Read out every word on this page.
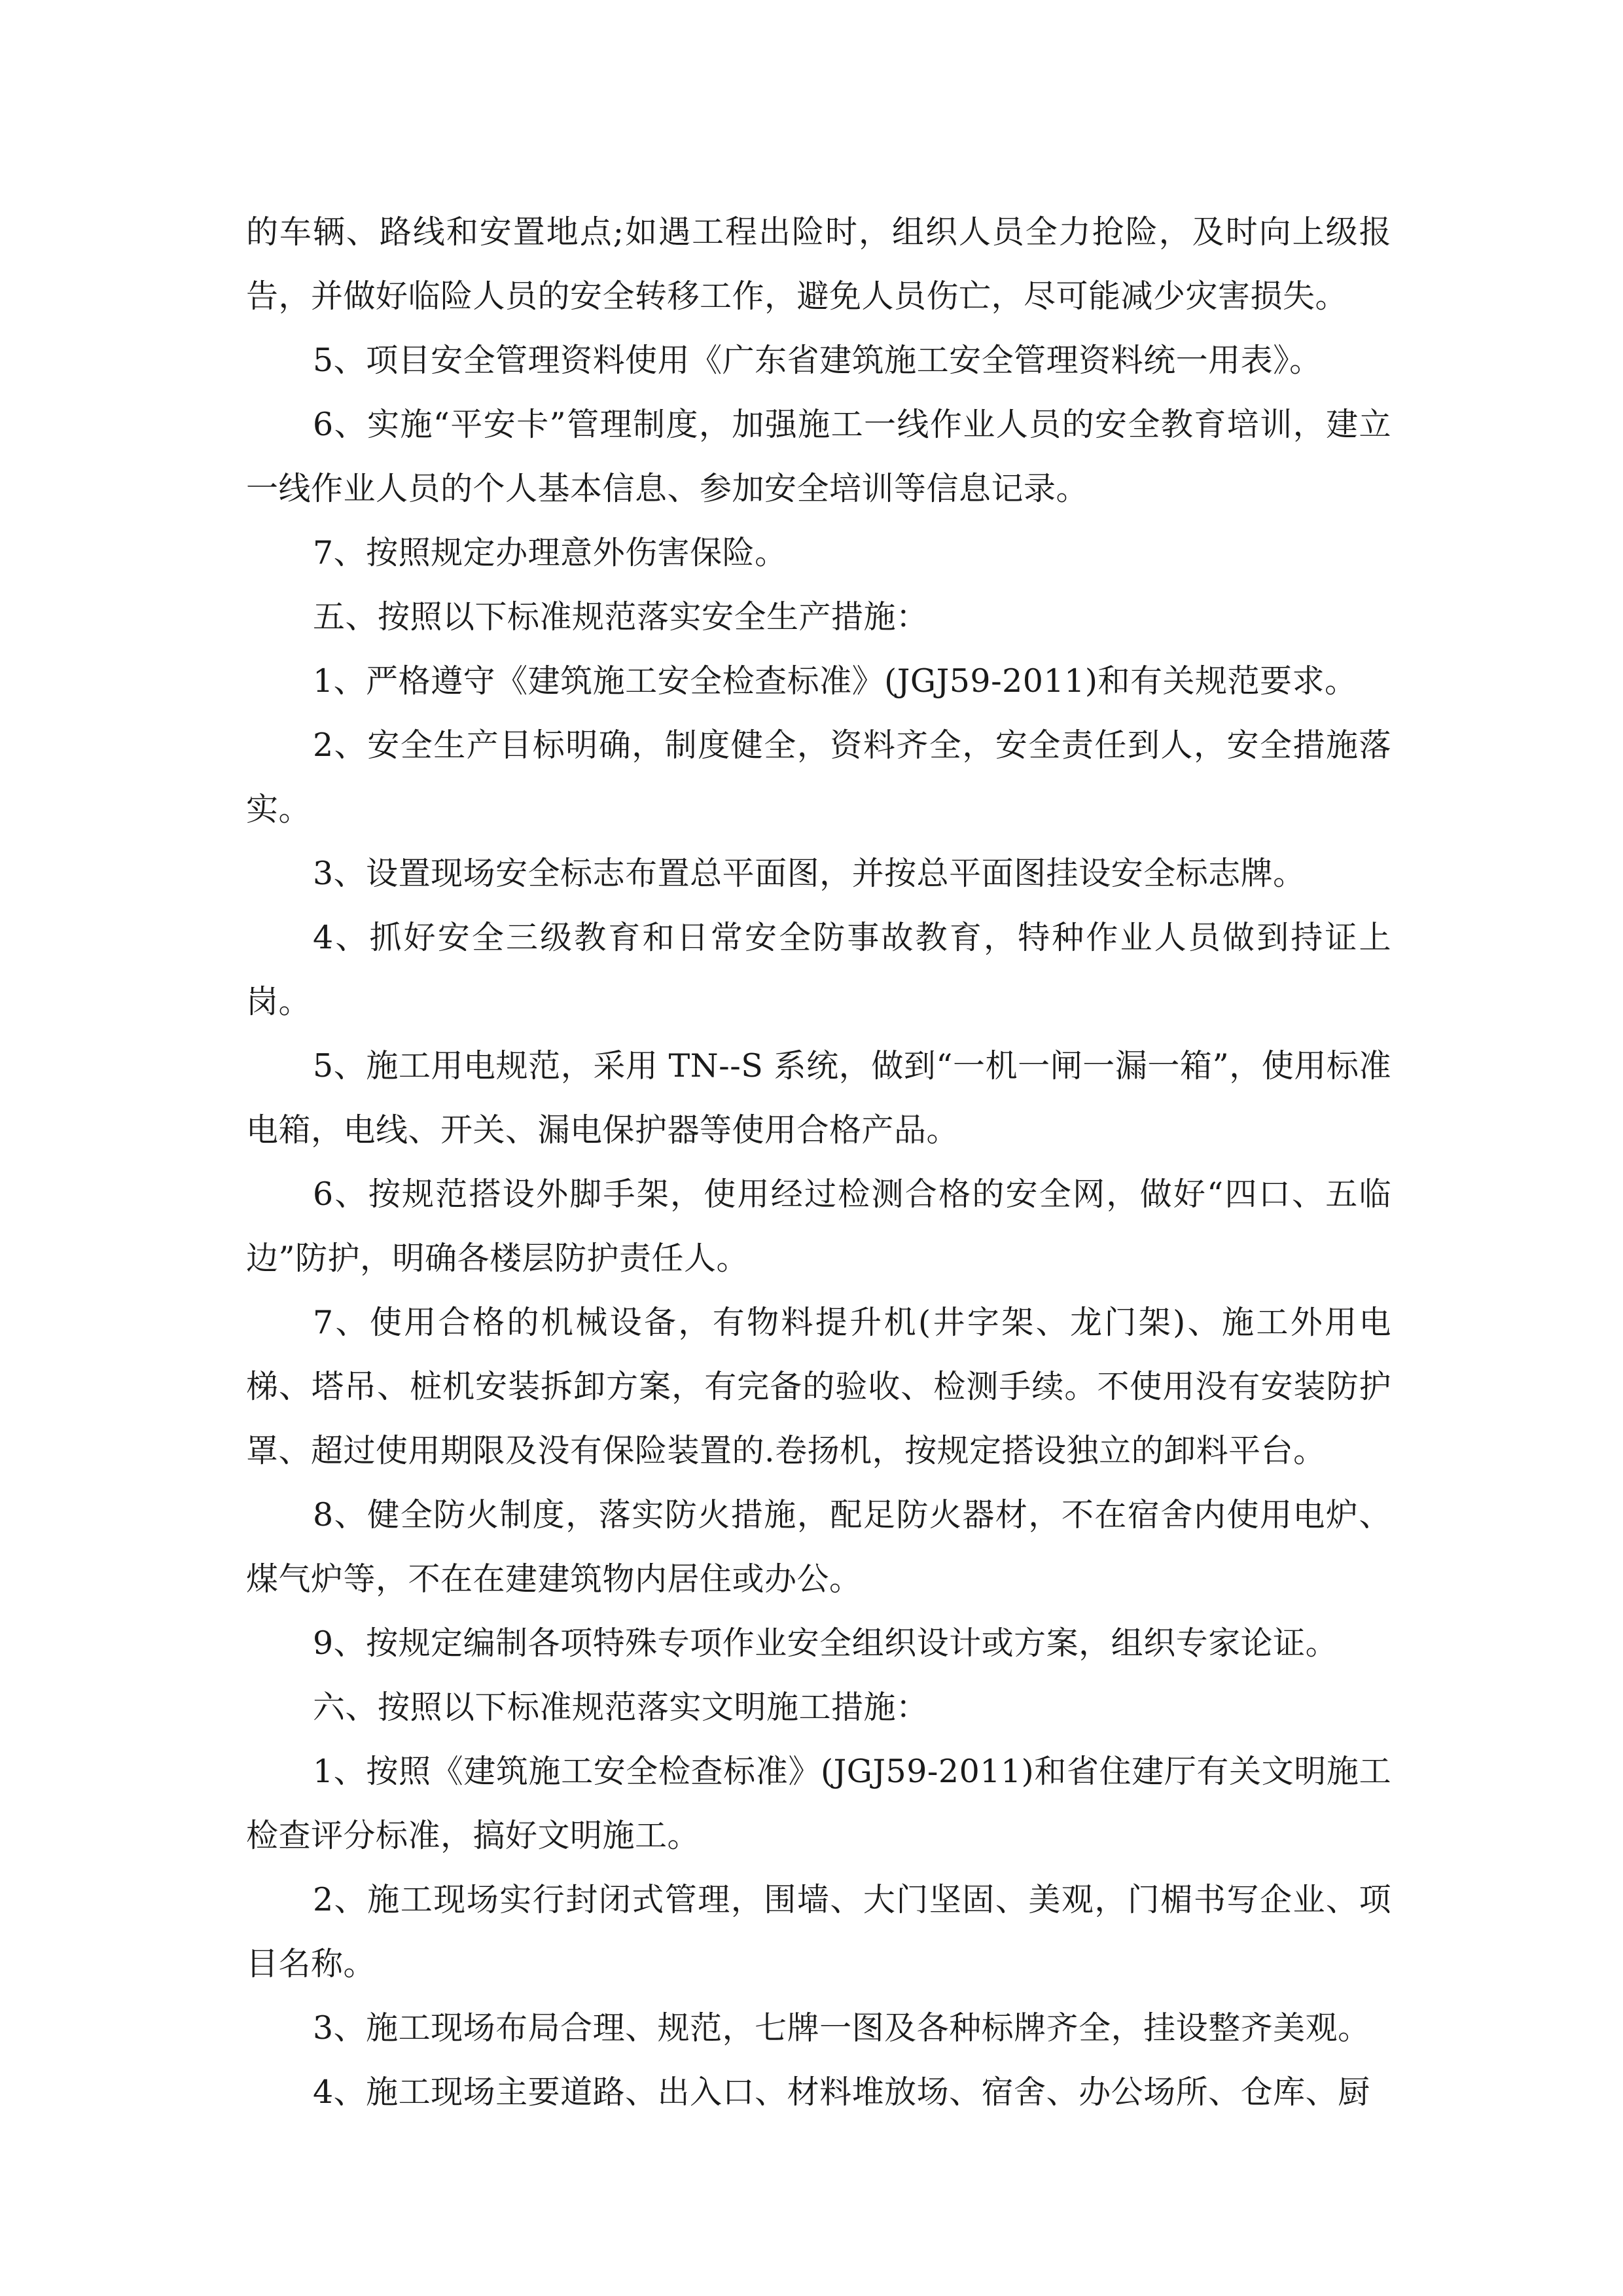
的车辆、路线和安置地点;如遇工程出险时，组织人员全力抢险，及时向上级报告，并做好临险人员的安全转移工作，避免人员伤亡，尽可能减少灾害损失。

5、项目安全管理资料使用《广东省建筑施工安全管理资料统一用表》。

6、实施“平安卡”管理制度，加强施工一线作业人员的安全教育培训，建立一线作业人员的个人基本信息、参加安全培训等信息记录。

7、按照规定办理意外伤害保险。

五、按照以下标准规范落实安全生产措施：

1、严格遵守《建筑施工安全检查标准》(JGJ59-2011)和有关规范要求。

2、安全生产目标明确，制度健全，资料齐全，安全责任到人，安全措施落实。

3、设置现场安全标志布置总平面图，并按总平面图挂设安全标志牌。

4、抓好安全三级教育和日常安全防事故教育，特种作业人员做到持证上岗。

5、施工用电规范，采用 TN--S 系统，做到“一机一闸一漏一箱”，使用标准电箱，电线、开关、漏电保护器等使用合格产品。

6、按规范搭设外脚手架，使用经过检测合格的安全网，做好“四口、五临边”防护，明确各楼层防护责任人。

7、使用合格的机械设备，有物料提升机(井字架、龙门架)、施工外用电梯、塔吊、桩机安装拆卸方案，有完备的验收、检测手续。不使用没有安装防护罩、超过使用期限及没有保险装置的.卷扬机，按规定搭设独立的卸料平台。

8、健全防火制度，落实防火措施，配足防火器材，不在宿舍内使用电炉、煤气炉等，不在在建建筑物内居住或办公。

9、按规定编制各项特殊专项作业安全组织设计或方案，组织专家论证。

六、按照以下标准规范落实文明施工措施：

1、按照《建筑施工安全检查标准》(JGJ59-2011)和省住建厅有关文明施工检查评分标准，搞好文明施工。

2、施工现场实行封闭式管理，围墙、大门坚固、美观，门楣书写企业、项目名称。

3、施工现场布局合理、规范，七牌一图及各种标牌齐全，挂设整齐美观。

4、施工现场主要道路、出入口、材料堆放场、宿舍、办公场所、仓库、厨
